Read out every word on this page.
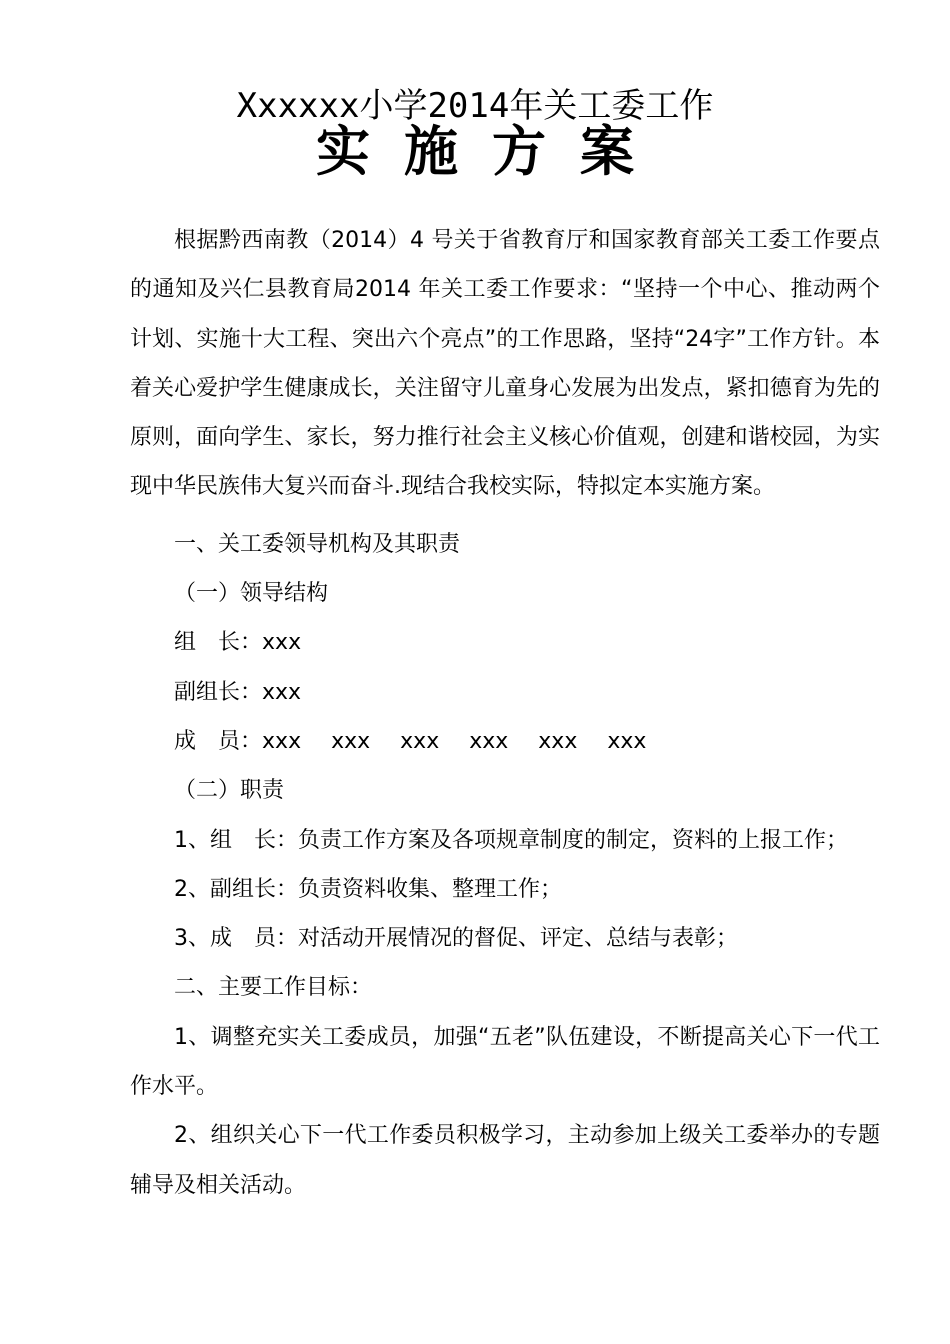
Xxxxxx小学2014年关工委工作
实施方案

根据黔西南教（2014）4 号关于省教育厅和国家教育部关工委工作要点的通知及兴仁县教育局2014 年关工委工作要求：“坚持一个中心、推动两个计划、实施十大工程、突出六个亮点”的工作思路，坚持“24字”工作方针。本着关心爱护学生健康成长，关注留守儿童身心发展为出发点，紧扣德育为先的原则，面向学生、家长，努力推行社会主义核心价值观，创建和谐校园，为实现中华民族伟大复兴而奋斗.现结合我校实际，特拟定本实施方案。

一、关工委领导机构及其职责

（一）领导结构

组 长：xxx

副组长：xxx

成 员：xxx xxx xxx xxx xxx xxx

（二）职责

1、组 长：负责工作方案及各项规章制度的制定，资料的上报工作；

2、副组长：负责资料收集、整理工作；

3、成 员：对活动开展情况的督促、评定、总结与表彰；

二、主要工作目标：

1、调整充实关工委成员，加强“五老”队伍建设，不断提高关心下一代工作水平。

2、组织关心下一代工作委员积极学习，主动参加上级关工委举办的专题辅导及相关活动。
